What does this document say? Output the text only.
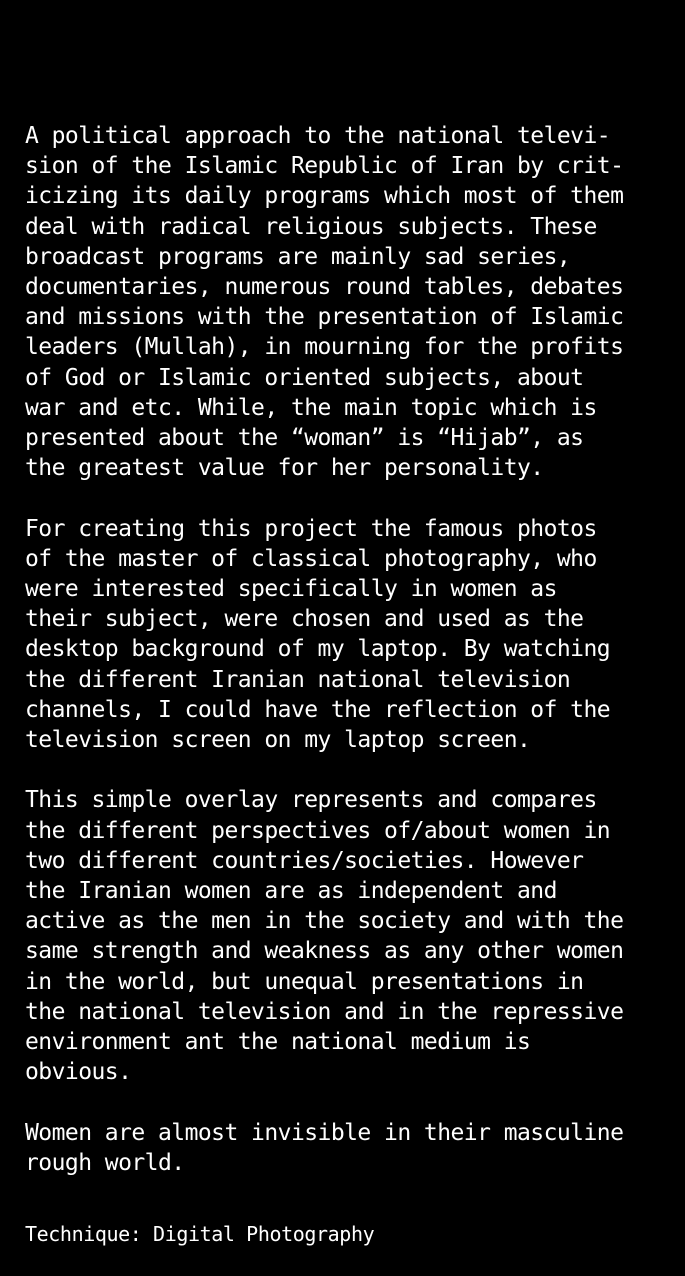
A political approach to the national televi-
sion of the Islamic Republic of Iran by crit-
icizing its daily programs which most of them
deal with radical religious subjects. These
broadcast programs are mainly sad series,
documentaries, numerous round tables, debates
and missions with the presentation of Islamic
leaders (Mullah), in mourning for the profits
of God or Islamic oriented subjects, about
war and etc. While, the main topic which is
presented about the “woman” is “Hijab”, as
the greatest value for her personality.

For creating this project the famous photos
of the master of classical photography, who
were interested specifically in women as
their subject, were chosen and used as the
desktop background of my laptop. By watching
the different Iranian national television
channels, I could have the reflection of the
television screen on my laptop screen.

This simple overlay represents and compares
the different perspectives of/about women in
two different countries/societies. However
the Iranian women are as independent and
active as the men in the society and with the
same strength and weakness as any other women
in the world, but unequal presentations in
the national television and in the repressive
environment ant the national medium is
obvious.

Women are almost invisible in their masculine
rough world.
Technique: Digital Photography
